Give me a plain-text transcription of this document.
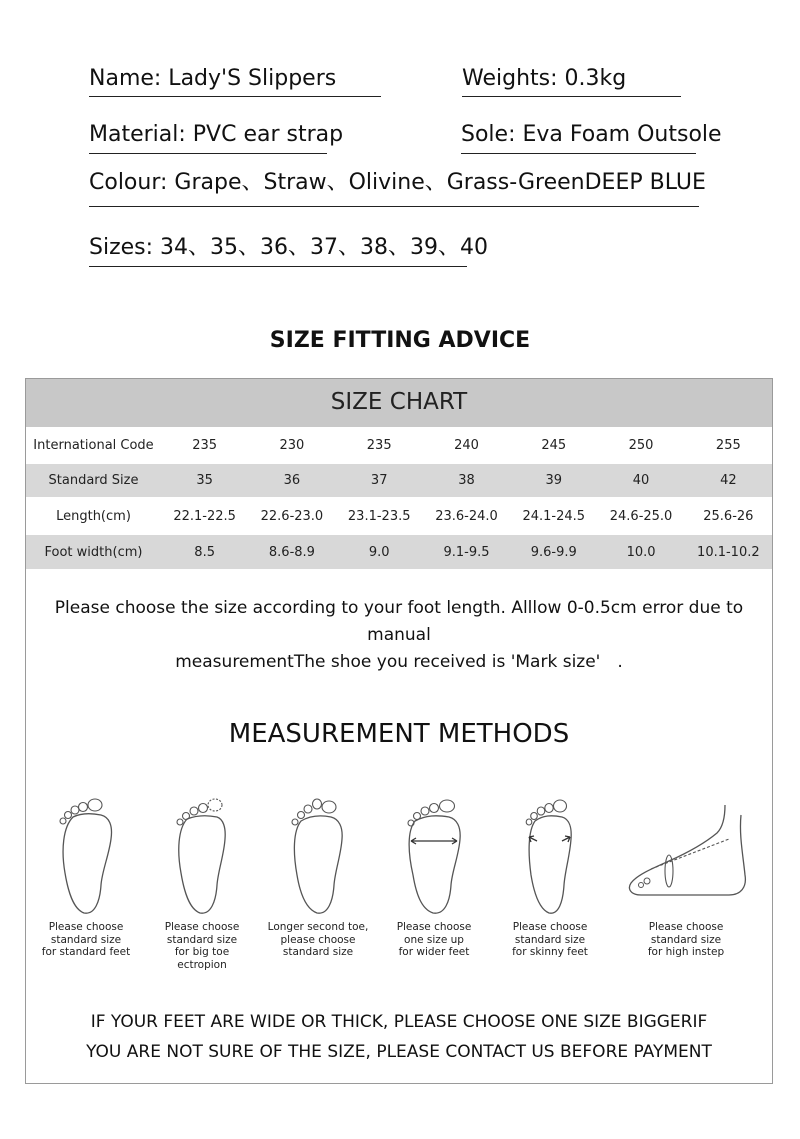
Name: Lady'S Slippers	Weights: 0.3kg
Material: PVC ear strap	Sole: Eva Foam Outsole
Colour: Grape、Straw、Olivine、Grass-GreenDEEP BLUE
Sizes: 34、35、36、37、38、39、40
SIZE FITTING ADVICE
SIZE CHART
International Code	235	230	235	240	245	250	255
Standard Size	35	36	37	38	39	40	42
Length(cm)	22.1-22.5	22.6-23.0	23.1-23.5	23.6-24.0	24.1-24.5	24.6-25.0	25.6-26
Foot width(cm)	8.5	8.6-8.9	9.0	9.1-9.5	9.6-9.9	10.0	10.1-10.2
Please choose the size according to your foot length. Alllow 0-0.5cm error due to manual
measurementThe shoe you received is 'Mark size'　.
MEASUREMENT METHODS
Please choose
standard size
for standard feet
Please choose
standard size
for big toe
ectropion
Longer second toe,
please choose
standard size
Please choose
one size up
for wider feet
Please choose
standard size
for skinny feet
Please choose
standard size
for high instep
IF YOUR FEET ARE WIDE OR THICK, PLEASE CHOOSE ONE SIZE BIGGERIF
YOU ARE NOT SURE OF THE SIZE, PLEASE CONTACT US BEFORE PAYMENT
